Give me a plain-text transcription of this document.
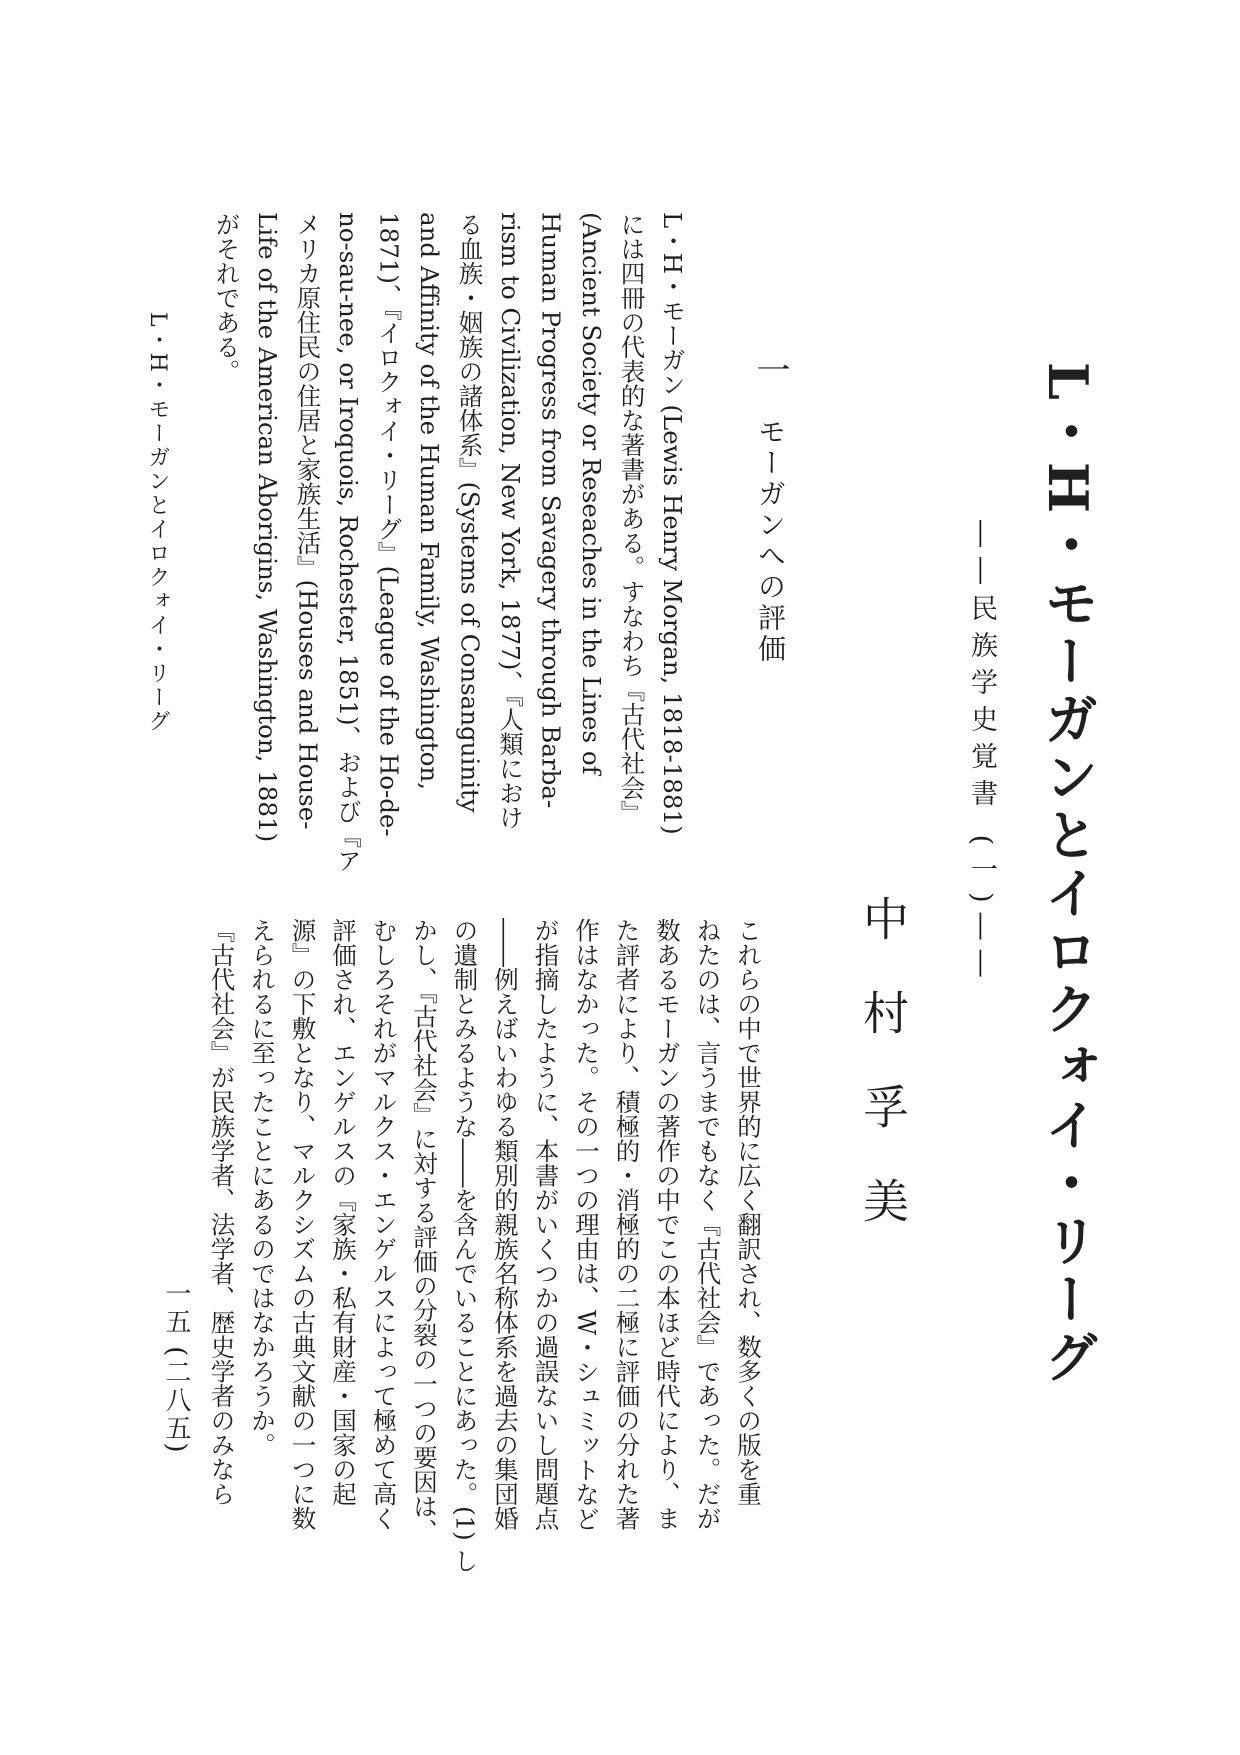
L・H・モーガンとイロクォイ・リーグ
――民族学史覚書 (一)――
中村孚美
一モーガンへの評価
L・H・モーガン (Lewis Henry Morgan, 1818-1881)
には四冊の代表的な著書がある。すなわち『古代社会』
(Ancient Society or Reseaches in the Lines of
Human Progress from Savagery through Barba-
rism to Civilization, New York, 1877)、『人類におけ
る血族・姻族の諸体系』(Systems of Consanguinity
and Affinity of the Human Family, Washington,
1871)、『イロクォイ・リーグ』(League of the Ho-de-
no-sau-nee, or Iroquois, Rochester, 1851)、および『ア
メリカ原住民の住居と家族生活』(Houses and House-
Life of the American Aborigins, Washington, 1881)
がそれである。
これらの中で世界的に広く翻訳され、数多くの版を重
ねたのは、言うまでもなく『古代社会』であった。だが
数あるモーガンの著作の中でこの本ほど時代により、ま
た評者により、積極的・消極的の二極に評価の分れた著
作はなかった。その一つの理由は、W・シュミットなど
が指摘したように、本書がいくつかの過誤ないし問題点
――例えばいわゆる類別的親族名称体系を過去の集団婚
の遺制とみるような――を含んでいることにあった。(1) し
かし、『古代社会』に対する評価の分裂の一つの要因は、
むしろそれがマルクス・エンゲルスによって極めて高く
評価され、エンゲルスの『家族・私有財産・国家の起
源』の下敷となり、マルクシズムの古典文献の一つに数
えられるに至ったことにあるのではなかろうか。
『古代社会』が民族学者、法学者、歴史学者のみなら
L・H・モーガンとイロクォイ・リーグ
一五 (二八五)
